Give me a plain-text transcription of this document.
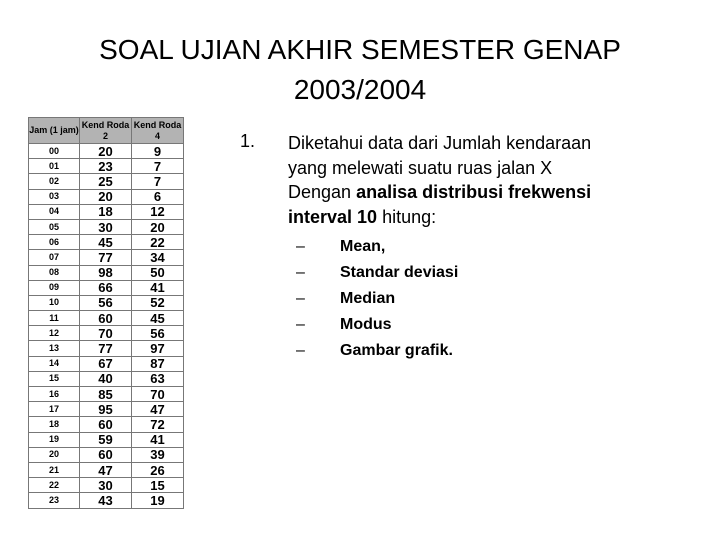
SOAL UJIAN AKHIR SEMESTER GENAP
2003/2004
Jam (1 jam)	Kend Roda 2	Kend Roda 4
00	20	9
01	23	7
02	25	7
03	20	6
04	18	12
05	30	20
06	45	22
07	77	34
08	98	50
09	66	41
10	56	52
11	60	45
12	70	56
13	77	97
14	67	87
15	40	63
16	85	70
17	95	47
18	60	72
19	59	41
20	60	39
21	47	26
22	30	15
23	43	19
1. Diketahui data dari Jumlah kendaraan
yang melewati suatu ruas jalan X
Dengan analisa distribusi frekwensi
interval 10 hitung:
–	Mean,
–	Standar deviasi
–	Median
–	Modus
–	Gambar grafik.
